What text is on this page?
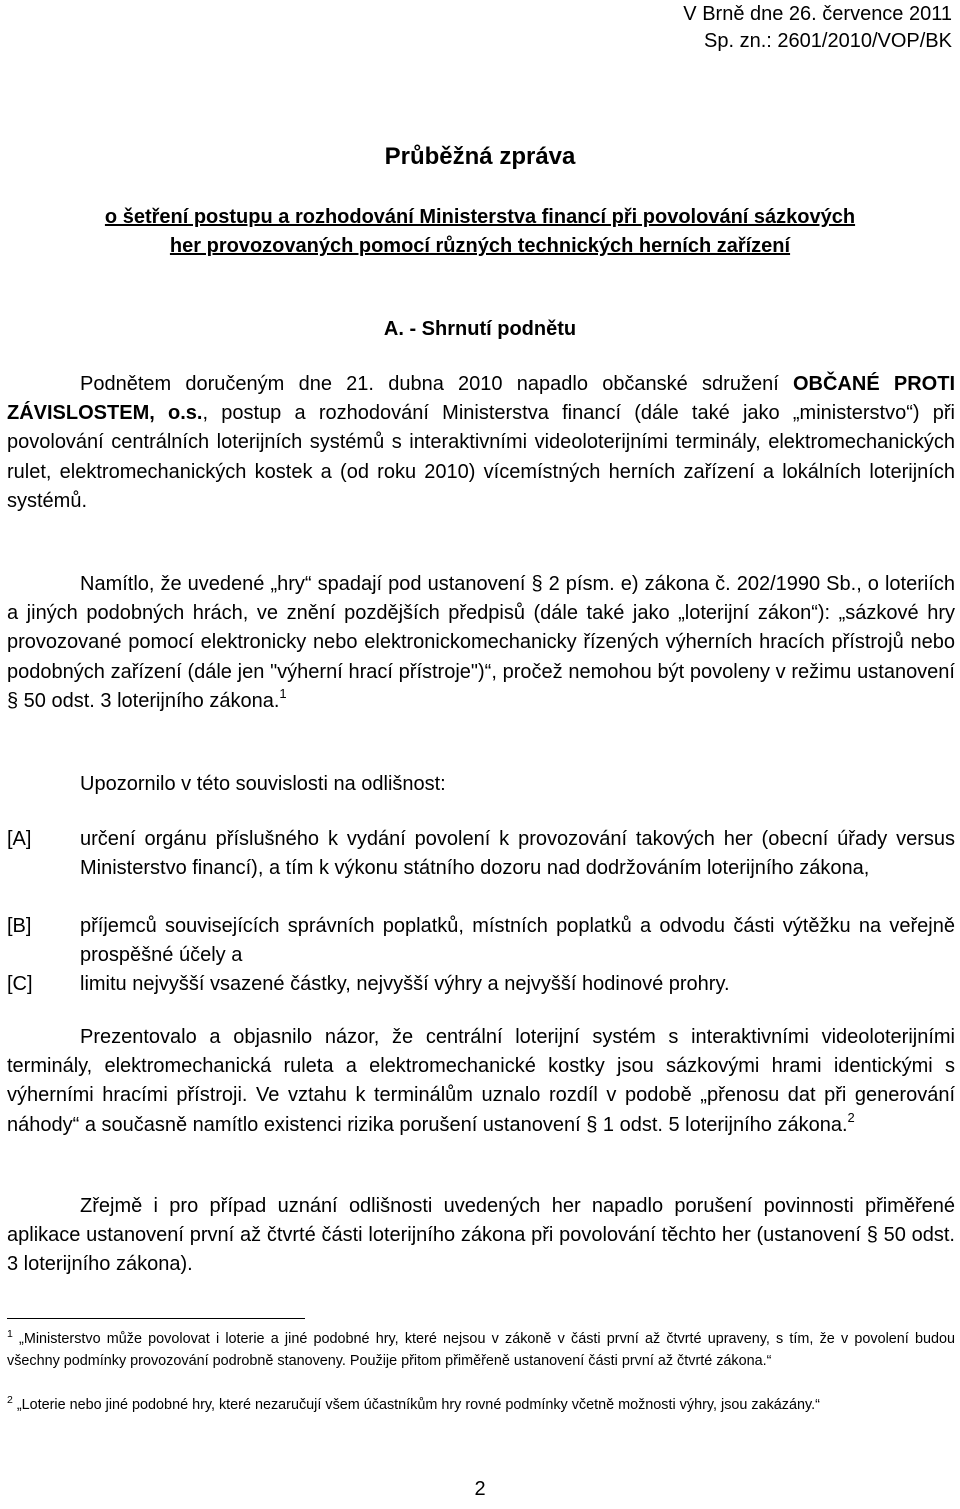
V Brně dne 26. července 2011
Sp. zn.: 2601/2010/VOP/BK
Průběžná zpráva
o šetření postupu a rozhodování Ministerstva financí při povolování sázkových
her provozovaných pomocí různých technických herních zařízení
A. - Shrnutí podnětu

Podnětem doručeným dne 21. dubna 2010 napadlo občanské sdružení OBČANÉ PROTI ZÁVISLOSTEM, o.s., postup a rozhodování Ministerstva financí (dále také jako „ministerstvo“) při povolování centrálních loterijních systémů s interaktivními videoloterijními terminály, elektromechanických rulet, elektromechanických kostek a (od roku 2010) vícemístných herních zařízení a lokálních loterijních systémů.

Namítlo, že uvedené „hry“ spadají pod ustanovení § 2 písm. e) zákona č. 202/1990 Sb., o loteriích a jiných podobných hrách, ve znění pozdějších předpisů (dále také jako „loterijní zákon“): „sázkové hry provozované pomocí elektronicky nebo elektronickomechanicky řízených výherních hracích přístrojů nebo podobných zařízení (dále jen "výherní hrací přístroje")“, pročež nemohou být povoleny v režimu ustanovení § 50 odst. 3 loterijního zákona.$^1$

Upozornilo v této souvislosti na odlišnost:

[A] určení orgánu příslušného k vydání povolení k provozování takových her (obecní úřady versus Ministerstvo financí), a tím k výkonu státního dozoru nad dodržováním loterijního zákona,

[B] příjemců souvisejících správních poplatků, místních poplatků a odvodu části výtěžku na veřejně prospěšné účely a

[C] limitu nejvyšší vsazené částky, nejvyšší výhry a nejvyšší hodinové prohry.

Prezentovalo a objasnilo názor, že centrální loterijní systém s interaktivními videoloterijními terminály, elektromechanická ruleta a elektromechanické kostky jsou sázkovými hrami identickými s výherními hracími přístroji. Ve vztahu k terminálům uznalo rozdíl v podobě „přenosu dat při generování náhody“ a současně namítlo existenci rizika porušení ustanovení § 1 odst. 5 loterijního zákona.$^2$

Zřejmě i pro případ uznání odlišnosti uvedených her napadlo porušení povinnosti přiměřené aplikace ustanovení první až čtvrté části loterijního zákona při povolování těchto her (ustanovení § 50 odst. 3 loterijního zákona).

$^1$ „Ministerstvo může povolovat i loterie a jiné podobné hry, které nejsou v zákoně v části první až čtvrté upraveny, s tím, že v povolení budou všechny podmínky provozování podrobně stanoveny. Použije přitom přiměřeně ustanovení části první až čtvrté zákona.“

$^2$ „Loterie nebo jiné podobné hry, které nezaručují všem účastníkům hry rovné podmínky včetně možnosti výhry, jsou zakázány.“

2
